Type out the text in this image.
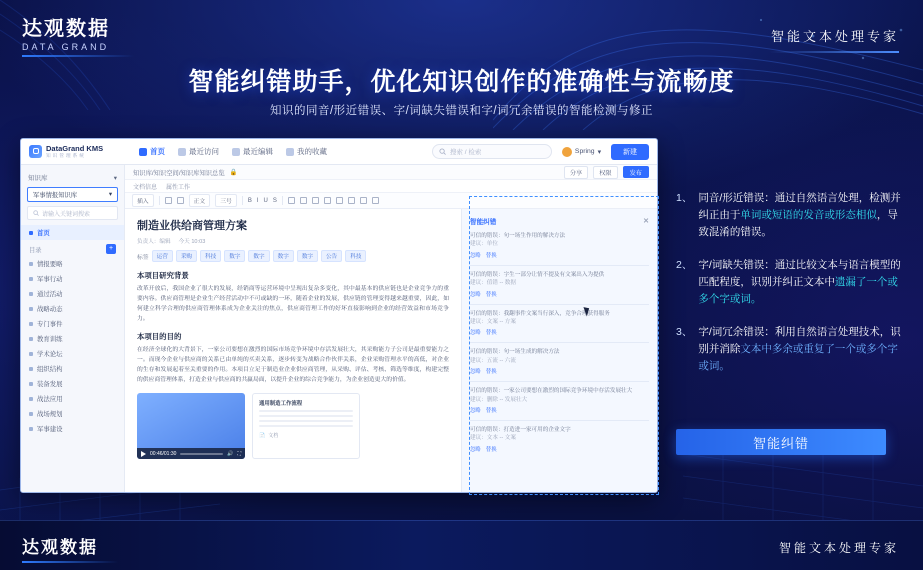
达观数据
DATA GRAND
智能文本处理专家
智能纠错助手，优化知识创作的准确性与流畅度
知识的同音/形近错误、字/词缺失错误和字/词冗余错误的智能检测与修正
DataGrand KMS
知 识 管 理 系 统	首页	最近访问	最近编辑	我的收藏	搜索 / 检索	Spring ▾	新建
知识库	▾
军事情报知识库	▾
请输入关键词搜索
首页
目录	+
情报要略
军事行动
通过活动
战略动态
专门事件
教育训练
学术论坛
组织结构
装备发展
战法应用
战场规划
军事建设
知识库/知识空间/知识库知识总览 🔒	分享	权限	发布
文档信息 属性工作
插入	正文	三号	B I U S
制造业供给商管理方案
负责人：编辑 今天 10:03
标签	运营	采购	科技	数字	数字	数字	数字	公告	科技
本项目研究背景
改革开放后，我国企业了很大的发展，经销商等运营环境中呈现出复杂多变化，其中最基本的供应链也是企业竞争力的重要内容。供应商管理是企业生产经营活动中不可或缺的一环，随着企业的发展，供应链的管理变得越来越重要，因此，如何建立科学合理的供应商管理体系成为企业关注的焦点，供应商管理工作的好坏直接影响到企业的经营效益和市场竞争力。
本项目的目的
在经济全球化的大背景下，一家公司要想在激烈的国际市场竞争环境中存活发展壮大，其采购能力子公司是最重要能力之一。而现今企业与供应商的关系已由单纯的买卖关系，逐步转变为战略合作伙伴关系，企业采购管理水平的高低，对企业的生存和发展起着至关重要的作用。本项目立足于制造业企业供应商管理，从采购、评估、考核、筛选等维度，构建完整的供应商管理体系，打造企业与供应商的共赢局面，以提升企业的综合竞争能力，为企业创造更大的价值。
00:46/01:30	🔊 ⛶
通用制造工作流程
📄 文档
智能纠错	✕
可信的错误：句一场生作用的解决方法
建议：单位
忽略 替换
可信的错误：字生一部分让情不提及有文案出入为提供
建议：值错 -- 数据
忽略 替换
可信的错误：我翻事件文案当行深入，竞争合理获得服务
建议：文案 -- 方案
忽略 替换
可信的错误：句一场生成的解决方法
建议：五流 -- 六流
忽略 替换
可信的错误：一家公司要想在激烈的国际竞争环境中存活发展壮大
建议：删除 -- 发展壮大
忽略 替换
可信的错误：打造进一家可用的企业文字
建议：文本 -- 文案
忽略 替换
1、 同音/形近错误：通过自然语言处理，检测并纠正由于单词或短语的发音或形态相似，导致混淆的错误。
2、 字/词缺失错误：通过比较文本与语言模型的匹配程度，识别并纠正文本中遗漏了一个或多个字或词。
3、 字/词冗余错误：利用自然语言处理技术，识别并消除文本中多余或重复了一个或多个字或词。
智能纠错
达观数据	智能文本处理专家
